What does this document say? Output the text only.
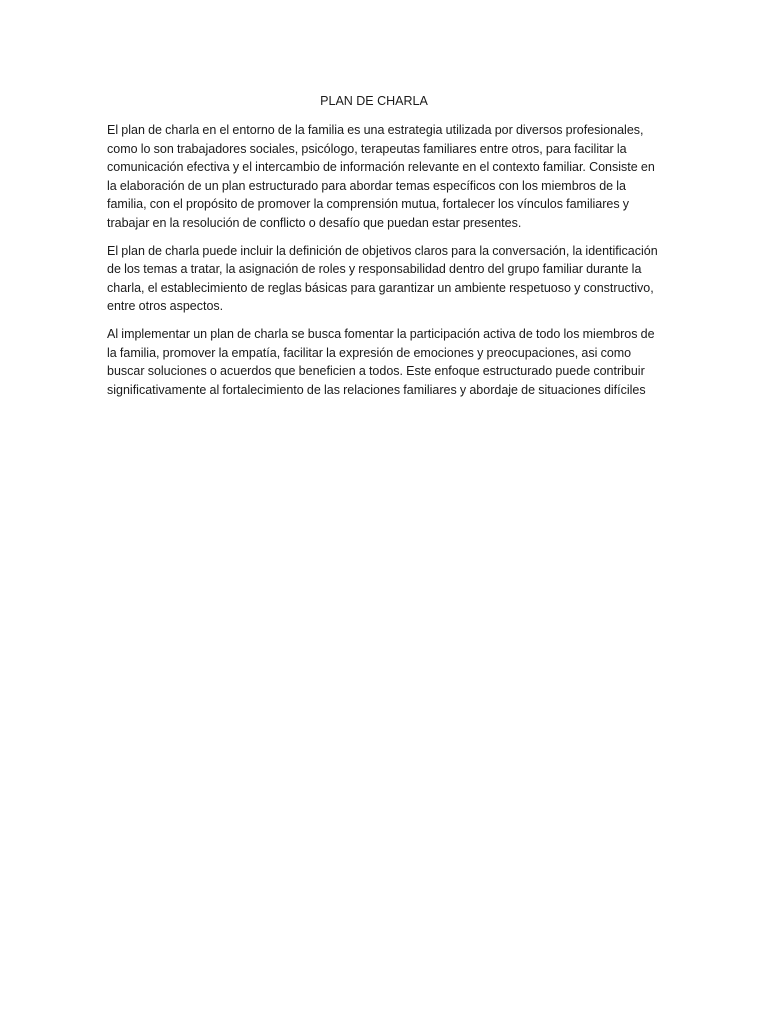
PLAN DE CHARLA

El plan de charla en el entorno de la familia es una estrategia utilizada por diversos profesionales, como lo son trabajadores sociales, psicólogo, terapeutas familiares entre otros, para facilitar la comunicación efectiva y el intercambio de información relevante en el contexto familiar. Consiste en la elaboración de un plan estructurado para abordar temas específicos con los miembros de la familia, con el propósito de promover la comprensión mutua, fortalecer los vínculos familiares y trabajar en la resolución de conflicto o desafío que puedan estar presentes.

El plan de charla puede incluir la definición de objetivos claros para la conversación, la identificación de los temas a tratar, la asignación de roles y responsabilidad dentro del grupo familiar durante la charla, el establecimiento de reglas básicas para garantizar un ambiente respetuoso y constructivo, entre otros aspectos.

Al implementar un plan de charla se busca fomentar la participación activa de todo los miembros de la familia, promover la empatía, facilitar la expresión de emociones y preocupaciones, asi como buscar soluciones o acuerdos que beneficien a todos. Este enfoque estructurado puede contribuir significativamente al fortalecimiento de las relaciones familiares y abordaje de situaciones difíciles
